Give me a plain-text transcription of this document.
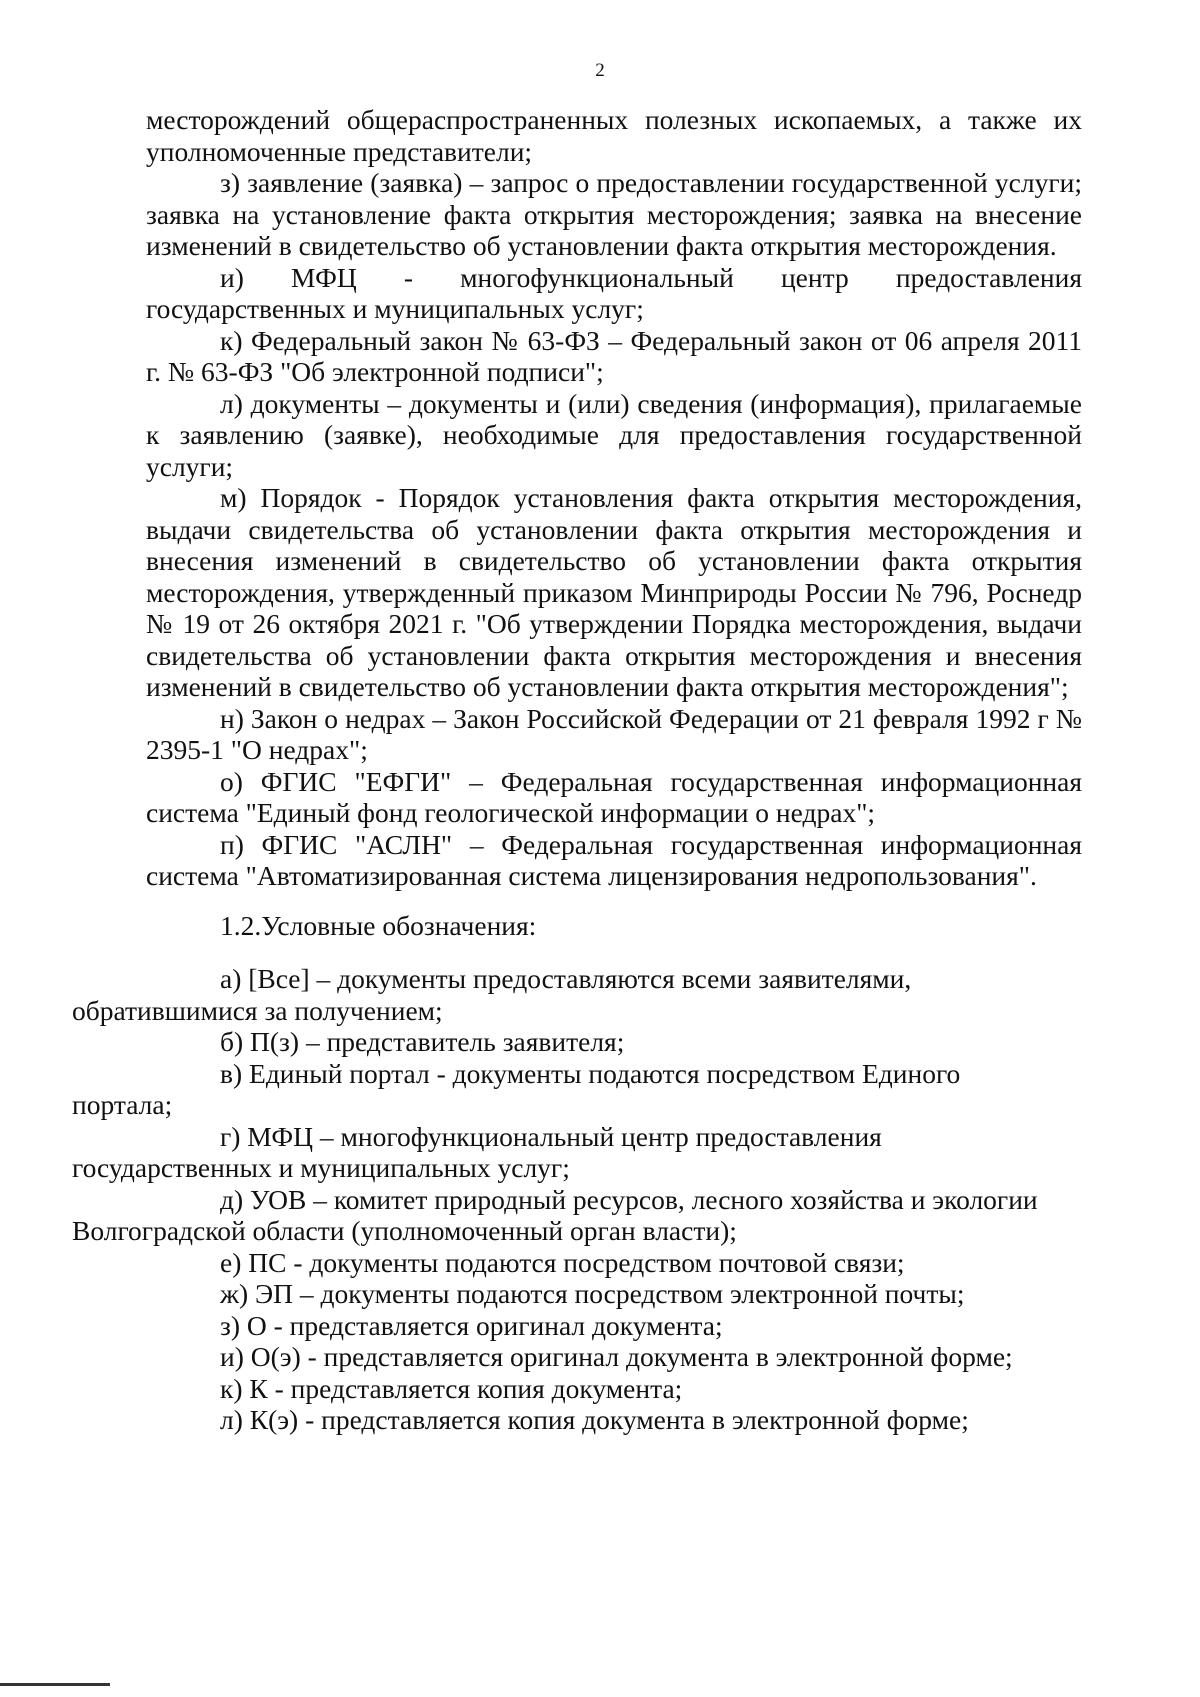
2

месторождений общераспространенных полезных ископаемых, а также их уполномоченные представители;

з) заявление (заявка) – запрос о предоставлении государственной услуги; заявка на установление факта открытия месторождения; заявка на внесение изменений в свидетельство об установлении факта открытия месторождения.

и) МФЦ - многофункциональный центр предоставления государственных и муниципальных услуг;

к) Федеральный закон № 63-ФЗ – Федеральный закон от 06 апреля 2011 г. № 63-ФЗ "Об электронной подписи";

л) документы – документы и (или) сведения (информация), прилагаемые к заявлению (заявке), необходимые для предоставления государственной услуги;

м) Порядок - Порядок установления факта открытия месторождения, выдачи свидетельства об установлении факта открытия месторождения и внесения изменений в свидетельство об установлении факта открытия месторождения, утвержденный приказом Минприроды России № 796, Роснедр № 19 от 26 октября 2021 г. "Об утверждении Порядка месторождения, выдачи свидетельства об установлении факта открытия месторождения и внесения изменений в свидетельство об установлении факта открытия месторождения";

н) Закон о недрах – Закон Российской Федерации от 21 февраля 1992 г № 2395-1 "О недрах";

о) ФГИС "ЕФГИ" – Федеральная государственная информационная система "Единый фонд геологической информации о недрах";

п) ФГИС "АСЛН" – Федеральная государственная информационная система "Автоматизированная система лицензирования недропользования".

1.2.Условные обозначения:

а) [Все] – документы предоставляются всеми заявителями,
обратившимися за получением;

б) П(з) – представитель заявителя;

в) Единый портал - документы подаются посредством Единого
портала;

г) МФЦ – многофункциональный центр предоставления
государственных и муниципальных услуг;

д) УОВ – комитет природный ресурсов, лесного хозяйства и экологии
Волгоградской области (уполномоченный орган власти);

е) ПС - документы подаются посредством почтовой связи;

ж) ЭП – документы подаются посредством электронной почты;

з) О - представляется оригинал документа;

и) О(э) - представляется оригинал документа в электронной форме;

к) К - представляется копия документа;

л) К(э) - представляется копия документа в электронной форме;
